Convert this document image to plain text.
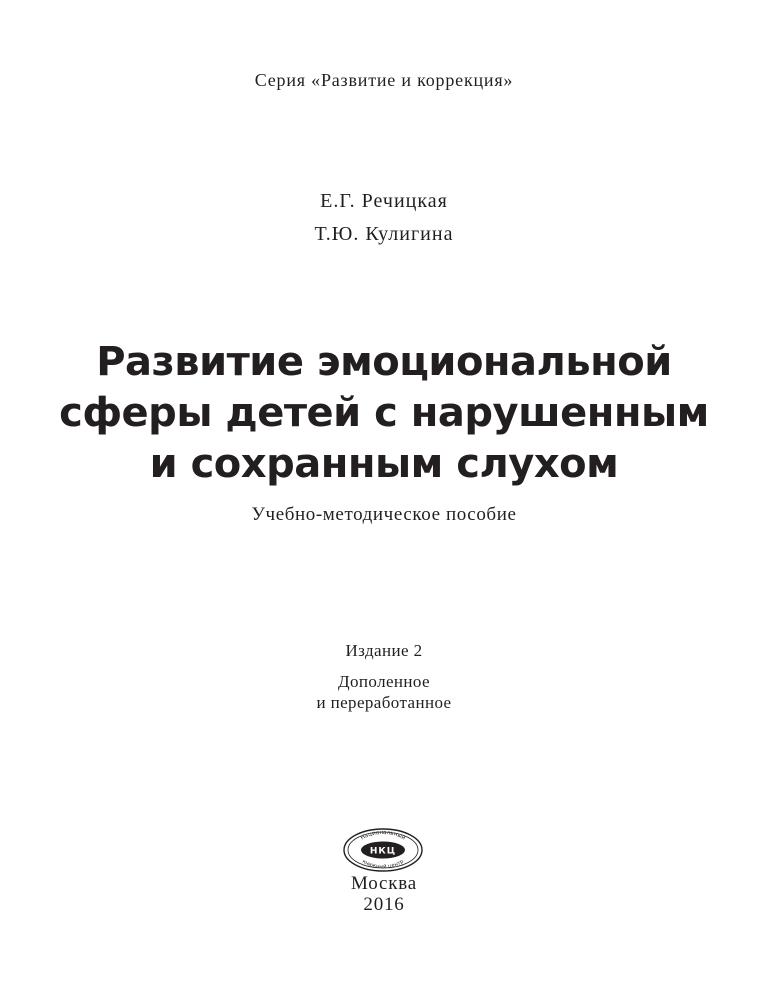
Серия «Развитие и коррекция»
Е.Г. Речицкая
Т.Ю. Кулигина
Развитие эмоциональной
сферы детей с нарушенным
и сохранным слухом
Учебно-методическое пособие
Издание 2
Дополенное
и переработанное
НКЦ
Национальный
книжный центр
Москва
2016
